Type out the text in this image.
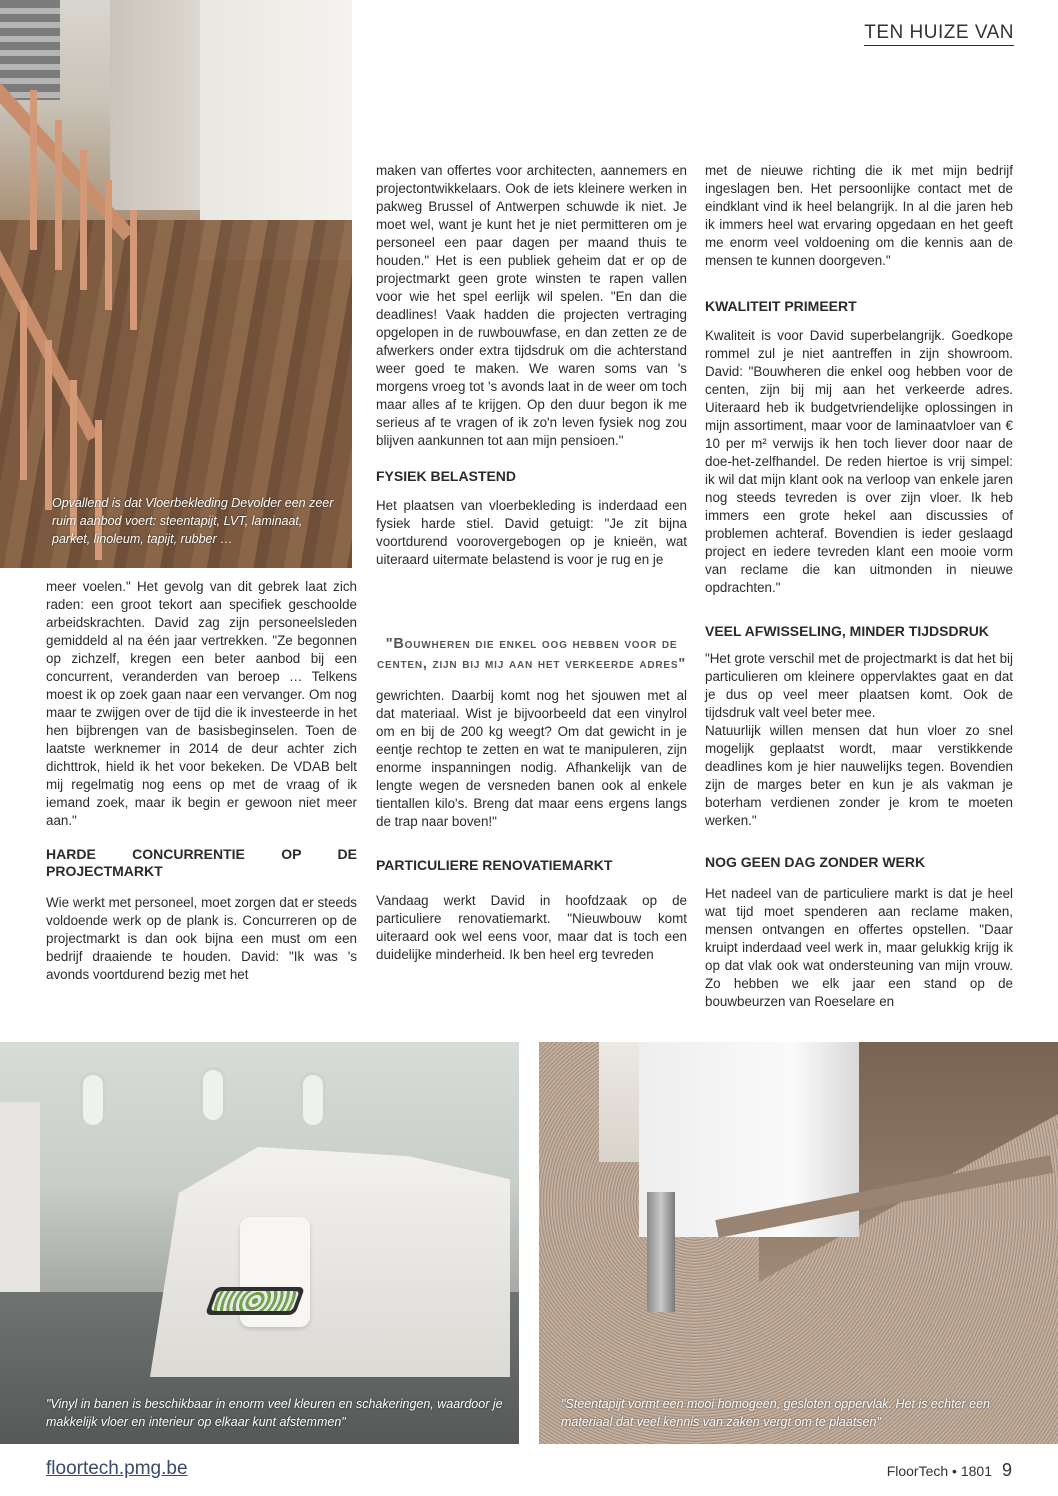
TEN HUIZE VAN
Opvallend is dat Vloerbekleding Devolder een zeer ruim aanbod voert: steentapijt, LVT, laminaat, parket, linoleum, tapijt, rubber …

meer voelen." Het gevolg van dit gebrek laat zich raden: een groot tekort aan specifiek geschoolde arbeidskrachten. David zag zijn personeelsleden gemiddeld al na één jaar vertrekken. "Ze begonnen op zichzelf, kregen een beter aanbod bij een concurrent, veranderden van beroep … Telkens moest ik op zoek gaan naar een vervanger. Om nog maar te zwijgen over de tijd die ik investeerde in het hen bijbrengen van de basisbeginselen. Toen de laatste werknemer in 2014 de deur achter zich dichttrok, hield ik het voor bekeken. De VDAB belt mij regelmatig nog eens op met de vraag of ik iemand zoek, maar ik begin er gewoon niet meer aan."

HARDE CONCURRENTIE OP DE PROJECTMARKT

Wie werkt met personeel, moet zorgen dat er steeds voldoende werk op de plank is. Concurreren op de projectmarkt is dan ook bijna een must om een bedrijf draaiende te houden. David: "Ik was 's avonds voortdurend bezig met het

maken van offertes voor architecten, aannemers en projectontwikkelaars. Ook de iets kleinere werken in pakweg Brussel of Antwerpen schuwde ik niet. Je moet wel, want je kunt het je niet permitteren om je personeel een paar dagen per maand thuis te houden." Het is een publiek geheim dat er op de projectmarkt geen grote winsten te rapen vallen voor wie het spel eerlijk wil spelen. "En dan die deadlines! Vaak hadden die projecten vertraging opgelopen in de ruwbouwfase, en dan zetten ze de afwerkers onder extra tijdsdruk om die achterstand weer goed te maken. We waren soms van 's morgens vroeg tot 's avonds laat in de weer om toch maar alles af te krijgen. Op den duur begon ik me serieus af te vragen of ik zo'n leven fysiek nog zou blijven aankunnen tot aan mijn pensioen."

FYSIEK BELASTEND

Het plaatsen van vloerbekleding is inderdaad een fysiek harde stiel. David getuigt: "Je zit bijna voortdurend voorovergebogen op je knieën, wat uiteraard uitermate belastend is voor je rug en je

gewrichten. Daarbij komt nog het sjouwen met al dat materiaal. Wist je bijvoorbeeld dat een vinylrol om en bij de 200 kg weegt? Om dat gewicht in je eentje rechtop te zetten en wat te manipuleren, zijn enorme inspanningen nodig. Afhankelijk van de lengte wegen de versneden banen ook al enkele tientallen kilo's. Breng dat maar eens ergens langs de trap naar boven!"

PARTICULIERE RENOVATIEMARKT

Vandaag werkt David in hoofdzaak op de particuliere renovatiemarkt. "Nieuwbouw komt uiteraard ook wel eens voor, maar dat is toch een duidelijke minderheid. Ik ben heel erg tevreden

"Bouwheren die enkel oog hebben voor de centen, zijn bij mij aan het verkeerde adres"

met de nieuwe richting die ik met mijn bedrijf ingeslagen ben. Het persoonlijke contact met de eindklant vind ik heel belangrijk. In al die jaren heb ik immers heel wat ervaring opgedaan en het geeft me enorm veel voldoening om die kennis aan de mensen te kunnen doorgeven."

KWALITEIT PRIMEERT

Kwaliteit is voor David superbelangrijk. Goedkope rommel zul je niet aantreffen in zijn showroom. David: "Bouwheren die enkel oog hebben voor de centen, zijn bij mij aan het verkeerde adres. Uiteraard heb ik budgetvriendelijke oplossingen in mijn assortiment, maar voor de laminaatvloer van € 10 per m² verwijs ik hen toch liever door naar de doe-het-zelfhandel. De reden hiertoe is vrij simpel: ik wil dat mijn klant ook na verloop van enkele jaren nog steeds tevreden is over zijn vloer. Ik heb immers een grote hekel aan discussies of problemen achteraf. Bovendien is ieder geslaagd project en iedere tevreden klant een mooie vorm van reclame die kan uitmonden in nieuwe opdrachten."

VEEL AFWISSELING, MINDER TIJDSDRUK

"Het grote verschil met de projectmarkt is dat het bij particulieren om kleinere oppervlaktes gaat en dat je dus op veel meer plaatsen komt. Ook de tijdsdruk valt veel beter mee.

Natuurlijk willen mensen dat hun vloer zo snel mogelijk geplaatst wordt, maar verstikkende deadlines kom je hier nauwelijks tegen. Bovendien zijn de marges beter en kun je als vakman je boterham verdienen zonder je krom te moeten werken."

NOG GEEN DAG ZONDER WERK

Het nadeel van de particuliere markt is dat je heel wat tijd moet spenderen aan reclame maken, mensen ontvangen en offertes opstellen. "Daar kruipt inderdaad veel werk in, maar gelukkig krijg ik op dat vlak ook wat ondersteuning van mijn vrouw. Zo hebben we elk jaar een stand op de bouwbeurzen van Roeselare en

"Vinyl in banen is beschikbaar in enorm veel kleuren en schakeringen, waardoor je makkelijk vloer en interieur op elkaar kunt afstemmen"
"Steentapijt vormt een mooi homogeen, gesloten oppervlak. Het is echter een materiaal dat veel kennis van zaken vergt om te plaatsen"
floortech.pmg.be	FloorTech • 1801 9
